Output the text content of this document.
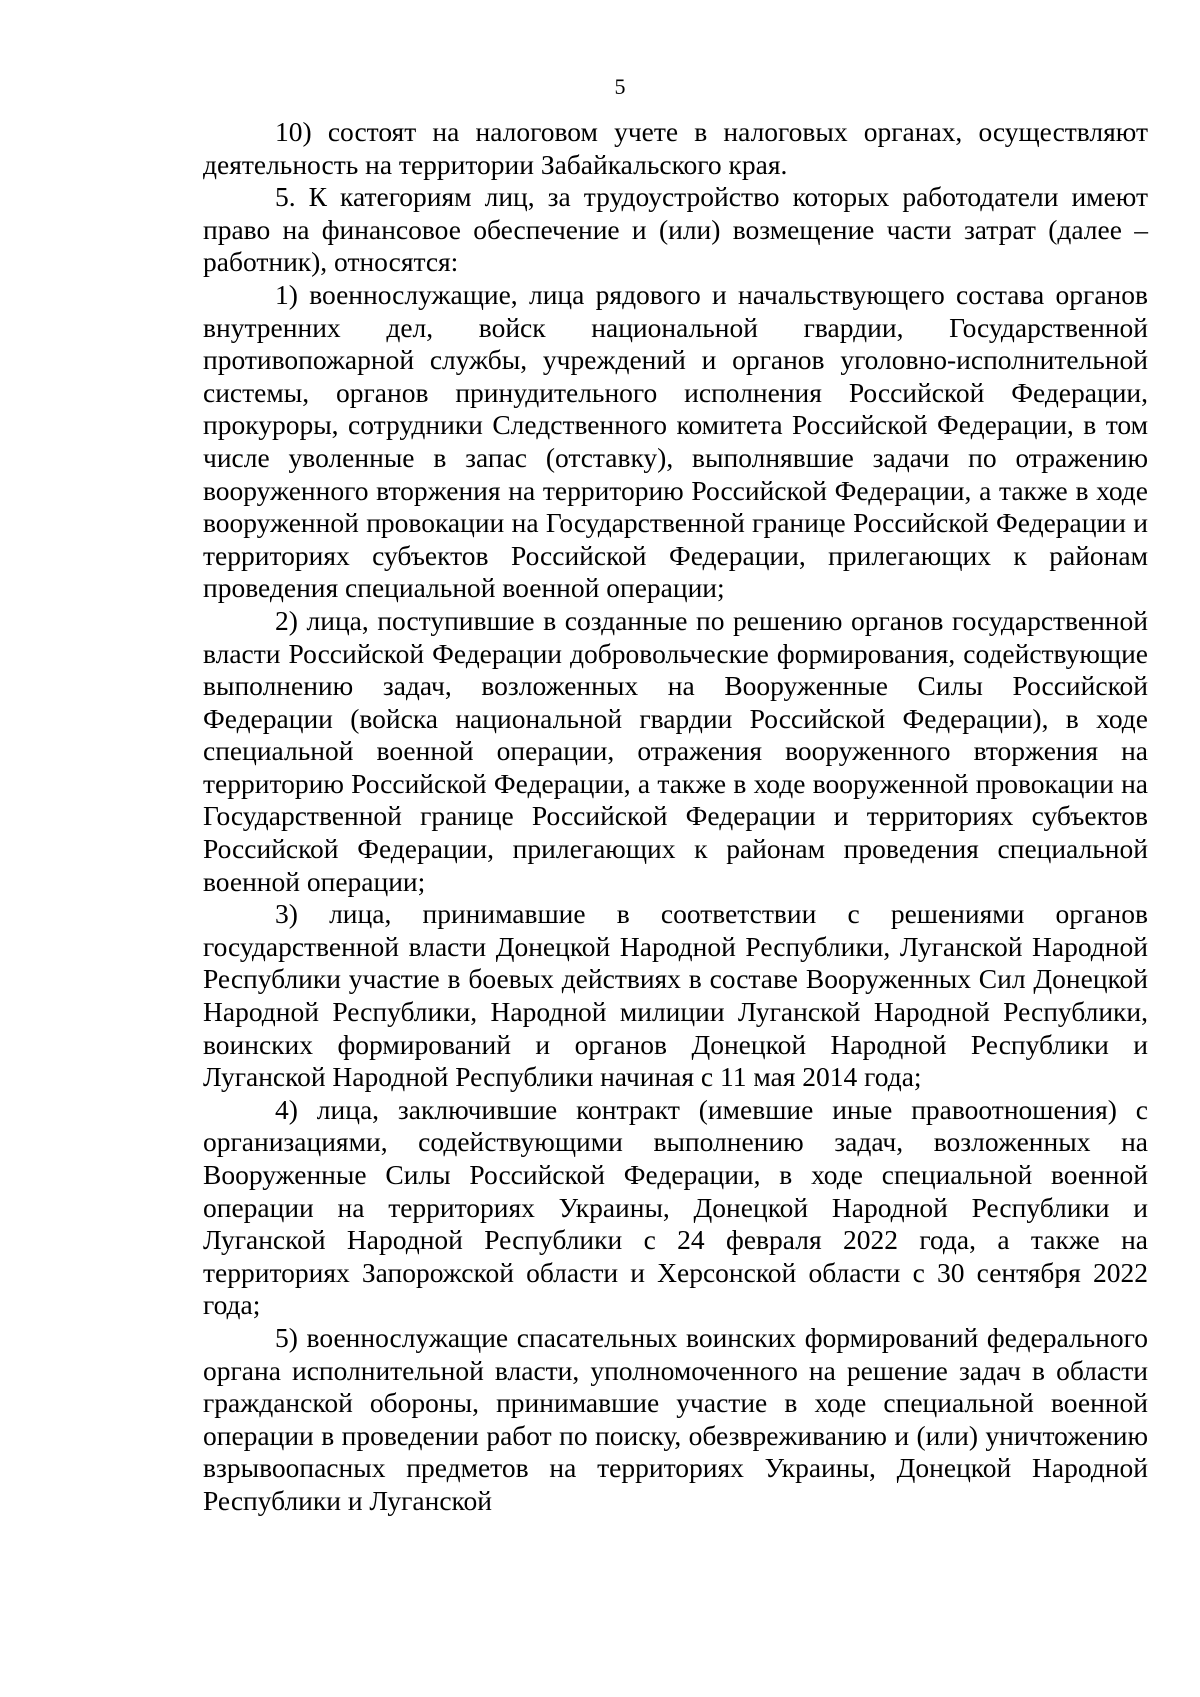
5

10) состоят на налоговом учете в налоговых органах, осуществляют деятельность на территории Забайкальского края.

5. К категориям лиц, за трудоустройство которых работодатели имеют право на финансовое обеспечение и (или) возмещение части затрат (далее – работник), относятся:

1) военнослужащие, лица рядового и начальствующего состава органов внутренних дел, войск национальной гвардии, Государственной противопожарной службы, учреждений и органов уголовно-исполнительной системы, органов принудительного исполнения Российской Федерации, прокуроры, сотрудники Следственного комитета Российской Федерации, в том числе уволенные в запас (отставку), выполнявшие задачи по отражению вооруженного вторжения на территорию Российской Федерации, а также в ходе вооруженной провокации на Государственной границе Российской Федерации и территориях субъектов Российской Федерации, прилегающих к районам проведения специальной военной операции;

2) лица, поступившие в созданные по решению органов государственной власти Российской Федерации добровольческие формирования, содействующие выполнению задач, возложенных на Вооруженные Силы Российской Федерации (войска национальной гвардии Российской Федерации), в ходе специальной военной операции, отражения вооруженного вторжения на территорию Российской Федерации, а также в ходе вооруженной провокации на Государственной границе Российской Федерации и территориях субъектов Российской Федерации, прилегающих к районам проведения специальной военной операции;

3) лица, принимавшие в соответствии с решениями органов государственной власти Донецкой Народной Республики, Луганской Народной Республики участие в боевых действиях в составе Вооруженных Сил Донецкой Народной Республики, Народной милиции Луганской Народной Республики, воинских формирований и органов Донецкой Народной Республики и Луганской Народной Республики начиная с 11 мая 2014 года;

4) лица, заключившие контракт (имевшие иные правоотношения) с организациями, содействующими выполнению задач, возложенных на Вооруженные Силы Российской Федерации, в ходе специальной военной операции на территориях Украины, Донецкой Народной Республики и Луганской Народной Республики с 24 февраля 2022 года, а также на территориях Запорожской области и Херсонской области с 30 сентября 2022 года;

5) военнослужащие спасательных воинских формирований федерального органа исполнительной власти, уполномоченного на решение задач в области гражданской обороны, принимавшие участие в ходе специальной военной операции в проведении работ по поиску, обезвреживанию и (или) уничтожению взрывоопасных предметов на территориях Украины, Донецкой Народной Республики и Луганской
